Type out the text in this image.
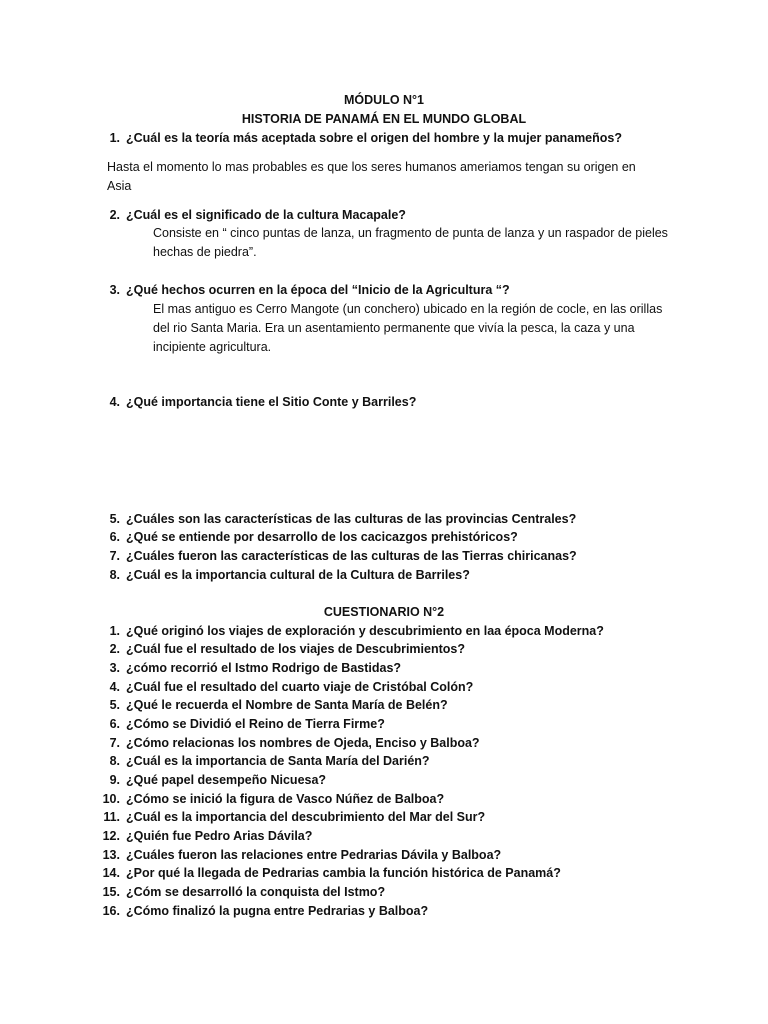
MÓDULO N°1
HISTORIA DE PANAMÁ EN EL MUNDO GLOBAL
1. ¿Cuál es la teoría más aceptada sobre el origen del hombre y la mujer panameños?
Hasta el momento lo mas probables es que los seres humanos ameriamos tengan su origen en Asia
2. ¿Cuál es el significado de la cultura Macapale?
Consiste en “ cinco puntas de lanza, un fragmento de punta de lanza y un raspador de pieles hechas de piedra”.
3. ¿Qué hechos ocurren en la época del “Inicio de la Agricultura “?
El mas antiguo es Cerro Mangote (un conchero) ubicado en la región de cocle, en las orillas del rio Santa Maria. Era un asentamiento permanente que vivía la pesca, la caza y una incipiente agricultura.
4. ¿Qué importancia tiene el Sitio Conte y Barriles?
5. ¿Cuáles son las características de las culturas de las provincias Centrales?
6. ¿Qué se entiende por desarrollo de los cacicazgos prehistóricos?
7. ¿Cuáles fueron las características de las culturas de las Tierras chiricanas?
8. ¿Cuál es la importancia cultural de la Cultura de Barriles?
CUESTIONARIO N°2
1. ¿Qué originó los viajes de exploración y descubrimiento en laa época Moderna?
2. ¿Cuál fue el resultado de los viajes de Descubrimientos?
3. ¿cómo recorrió el Istmo Rodrigo de Bastidas?
4. ¿Cuál fue el resultado del cuarto viaje de Cristóbal Colón?
5. ¿Qué le recuerda el Nombre de Santa María de Belén?
6. ¿Cómo se Dividió el Reino de Tierra Firme?
7. ¿Cómo relacionas los nombres de Ojeda, Enciso y Balboa?
8. ¿Cuál es la importancia de Santa María del Darién?
9. ¿Qué papel desempeño Nicuesa?
10. ¿Cómo se inició la figura de Vasco Núñez de Balboa?
11. ¿Cuál es la importancia del descubrimiento del Mar del Sur?
12. ¿Quién fue Pedro Arias Dávila?
13. ¿Cuáles fueron las relaciones entre Pedrarias Dávila y Balboa?
14. ¿Por qué la llegada de Pedrarias cambia la función histórica de Panamá?
15. ¿Cóm se desarrolló la conquista del Istmo?
16. ¿Cómo finalizó la pugna entre Pedrarias y Balboa?
